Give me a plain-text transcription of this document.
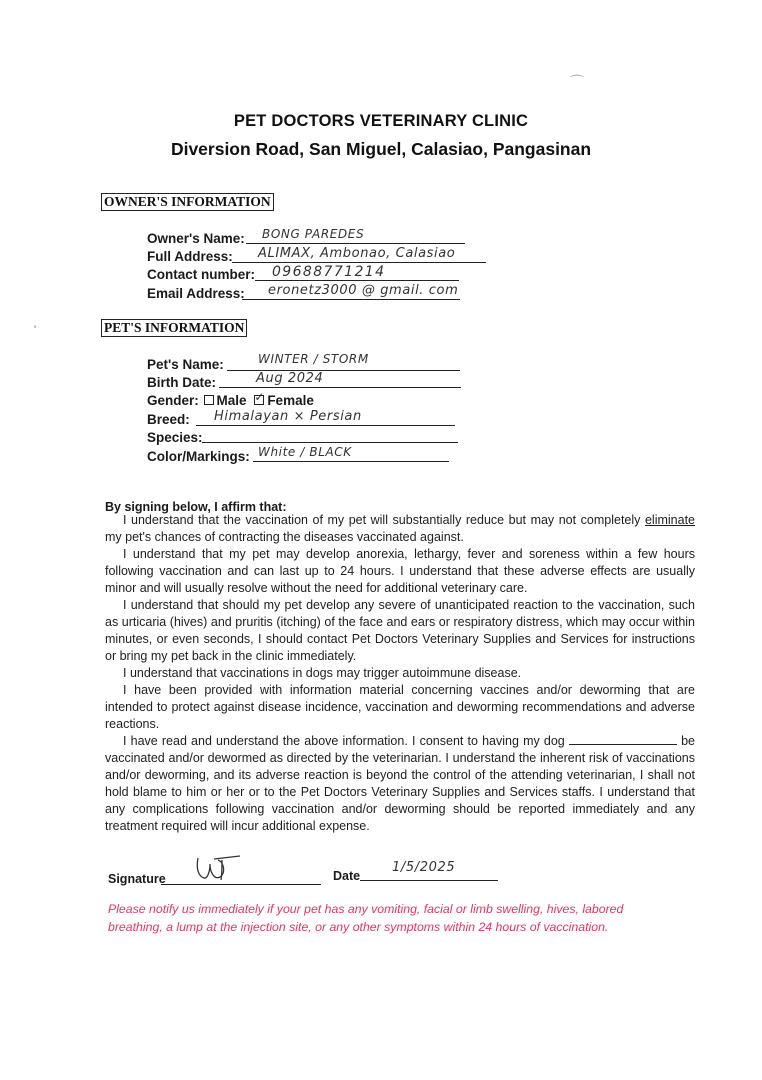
PET DOCTORS VETERINARY CLINIC
Diversion Road, San Miguel, Calasiao, Pangasinan
OWNER'S INFORMATION
Owner's Name: BONG PAREDES
Full Address: ALIMAX, Ambonao, Calasiao
Contact number: 09688771214
Email Address: eronetz3000 @ gmail. com
PET'S INFORMATION
Pet's Name:	WINTER / STORM
Birth Date:	Aug 2024
Gender: Male ✓ Female
Breed: Himalayan × Persian
Species:
Color/Markings: White / BLACK
By signing below, I affirm that:
I understand that the vaccination of my pet will substantially reduce but may not completely eliminate my pet's chances of contracting the diseases vaccinated against.
I understand that my pet may develop anorexia, lethargy, fever and soreness within a few hours following vaccination and can last up to 24 hours. I understand that these adverse effects are usually minor and will usually resolve without the need for additional veterinary care.
I understand that should my pet develop any severe of unanticipated reaction to the vaccination, such as urticaria (hives) and pruritis (itching) of the face and ears or respiratory distress, which may occur within minutes, or even seconds, I should contact Pet Doctors Veterinary Supplies and Services for instructions or bring my pet back in the clinic immediately.
I understand that vaccinations in dogs may trigger autoimmune disease.
I have been provided with information material concerning vaccines and/or deworming that are intended to protect against disease incidence, vaccination and deworming recommendations and adverse reactions.
I have read and understand the above information. I consent to having my dog	be vaccinated and/or dewormed as directed by the veterinarian. I understand the inherent risk of vaccinations and/or deworming, and its adverse reaction is beyond the control of the attending veterinarian, I shall not hold blame to him or her or to the Pet Doctors Veterinary Supplies and Services staffs. I understand that any complications following vaccination and/or deworming should be reported immediately and any treatment required will incur additional expense.
Signature	Date
1/5/2025
Please notify us immediately if your pet has any vomiting, facial or limb swelling, hives, labored breathing, a lump at the injection site, or any other symptoms within 24 hours of vaccination.
⌒
'
